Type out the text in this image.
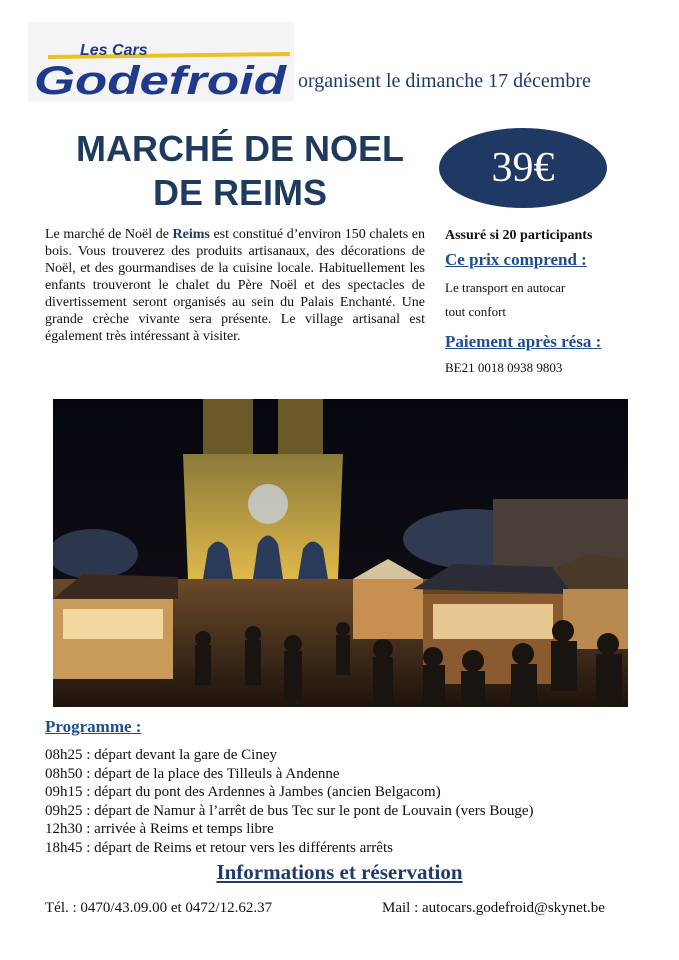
Les Cars
Godefroid organisent le dimanche 17 décembre
MARCHÉ DE NOEL
DE REIMS
39€
Le marché de Noël de Reims est constitué d’environ 150 chalets en bois. Vous trouverez des produits artisanaux, des décorations de Noël, et des gourmandises de la cuisine locale. Habituellement les enfants trouveront le chalet du Père Noël et des spectacles de divertissement seront organisés au sein du Palais Enchanté. Une grande crèche vivante sera présente. Le village artisanal est également très intéressant à visiter.
Assuré si 20 participants
Ce prix comprend :
Le transport en autocar
tout confort
Paiement après résa :
BE21 0018 0938 9803
Programme :
08h25 : départ devant la gare de Ciney
08h50 : départ de la place des Tilleuls à Andenne
09h15 : départ du pont des Ardennes à Jambes (ancien Belgacom)
09h25 : départ de Namur à l’arrêt de bus Tec sur le pont de Louvain (vers Bouge)
12h30 : arrivée à Reims et temps libre
18h45 : départ de Reims et retour vers les différents arrêts
Informations et réservation
Tél. : 0470/43.09.00 et 0472/12.62.37	Mail : autocars.godefroid@skynet.be
